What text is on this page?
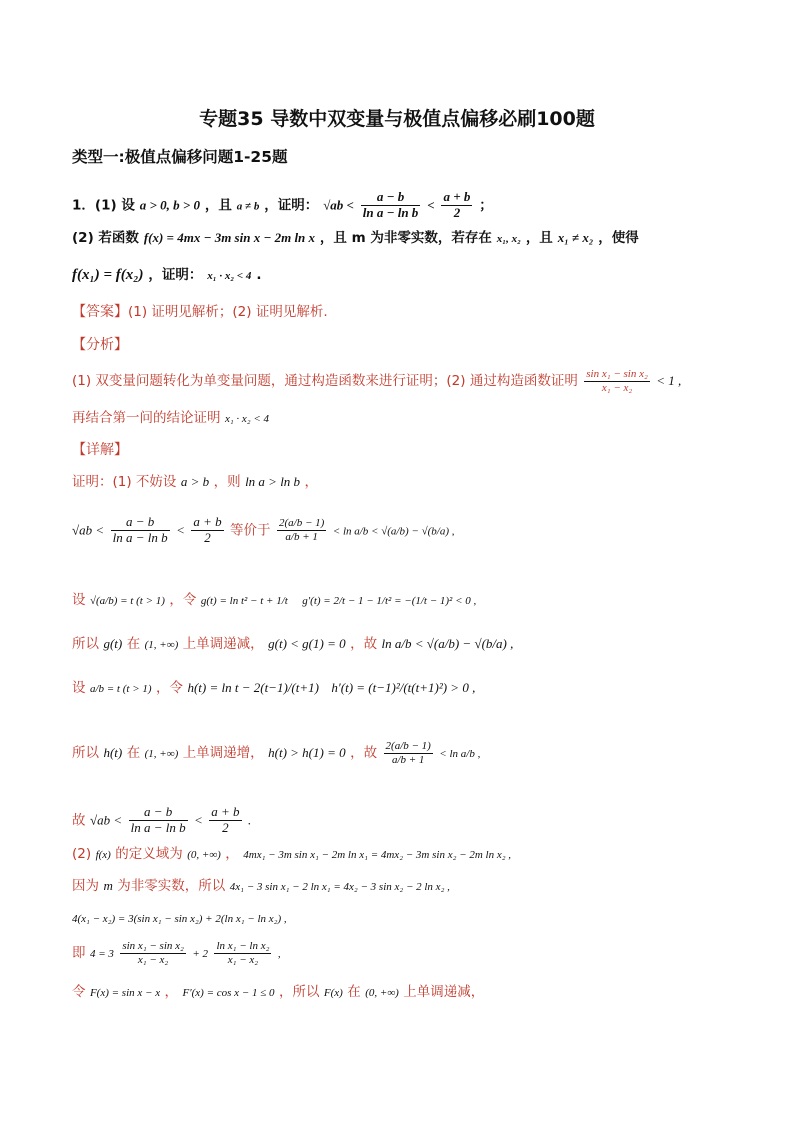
专题35 导数中双变量与极值点偏移必刷100题
类型一:极值点偏移问题1-25题
1．(1) 设 a > 0, b > 0 ，且 a ≠ b ，证明： $√ab < \frac{a - b}{\text{ln a − ln b}} < \frac{a + b}{2}$ ；
(2) 若函数 f(x) = 4mx − 3m sin x − 2m ln x ，且 m 为非零实数，若存在 x₁, x₂ ，且 x₁ ≠ x₂ ，使得
f(x₁) = f(x₂) ，证明： x₁ · x₂ < 4 .
【答案】(1) 证明见解析；(2) 证明见解析.
【分析】
(1) 双变量问题转化为单变量问题，通过构造函数来进行证明；(2) 通过构造函数证明 $\frac{\text{sin x₁ − sin x₂}}{\text{x₁ − x₂}} < 1$ ,
再结合第一问的结论证明 x₁ · x₂ < 4
【详解】
证明：(1) 不妨设 a > b ，则 ln a > ln b ，
$√ab < \frac{a - b}{\text{ln a − ln b}} < \frac{a + b}{2}$ 等价于 $\frac{2(a/b - 1)}{a/b + 1} < \ln a/b < √(a/b) - √(b/a)$ ,
设 √(a/b) = t (t > 1) ，令 g(t) = ln t² − t + 1/t g′(t) = 2/t − 1 − 1/t² = −(1/t − 1)² < 0 ,
所以 g(t) 在 (1, +∞) 上单调递减， g(t) < g(1) = 0 ，故 ln a/b < √(a/b) − √(b/a) ,
设 a/b = t (t > 1) ，令 h(t) = ln t − 2(t−1)/(t+1) h′(t) = (t−1)²/(t(t+1)²) > 0 ,
所以 h(t) 在 (1, +∞) 上单调递增， h(t) > h(1) = 0 ，故 $\frac{2(a/b - 1)}{a/b + 1} < \ln a/b$ ,
故 $√ab < \frac{a - b}{\text{ln a − ln b}} < \frac{a + b}{2}$ .
(2) f(x) 的定义域为 (0, +∞) ， 4mx₁ − 3m sin x₁ − 2m ln x₁ = 4mx₂ − 3m sin x₂ − 2m ln x₂ ,
因为 m 为非零实数，所以 4x₁ − 3 sin x₁ − 2 ln x₁ = 4x₂ − 3 sin x₂ − 2 ln x₂ ,
4(x₁ − x₂) = 3(sin x₁ − sin x₂) + 2(ln x₁ − ln x₂) ,
即 $4 = 3 \frac{\text{sin x₁ − sin x₂}}{\text{x₁ − x₂}} + 2 \frac{\text{ln x₁ − ln x₂}}{\text{x₁ − x₂}}$ ,
令 F(x) = sin x − x ， F′(x) = cos x − 1 ≤ 0 ，所以 F(x) 在 (0, +∞) 上单调递减，
